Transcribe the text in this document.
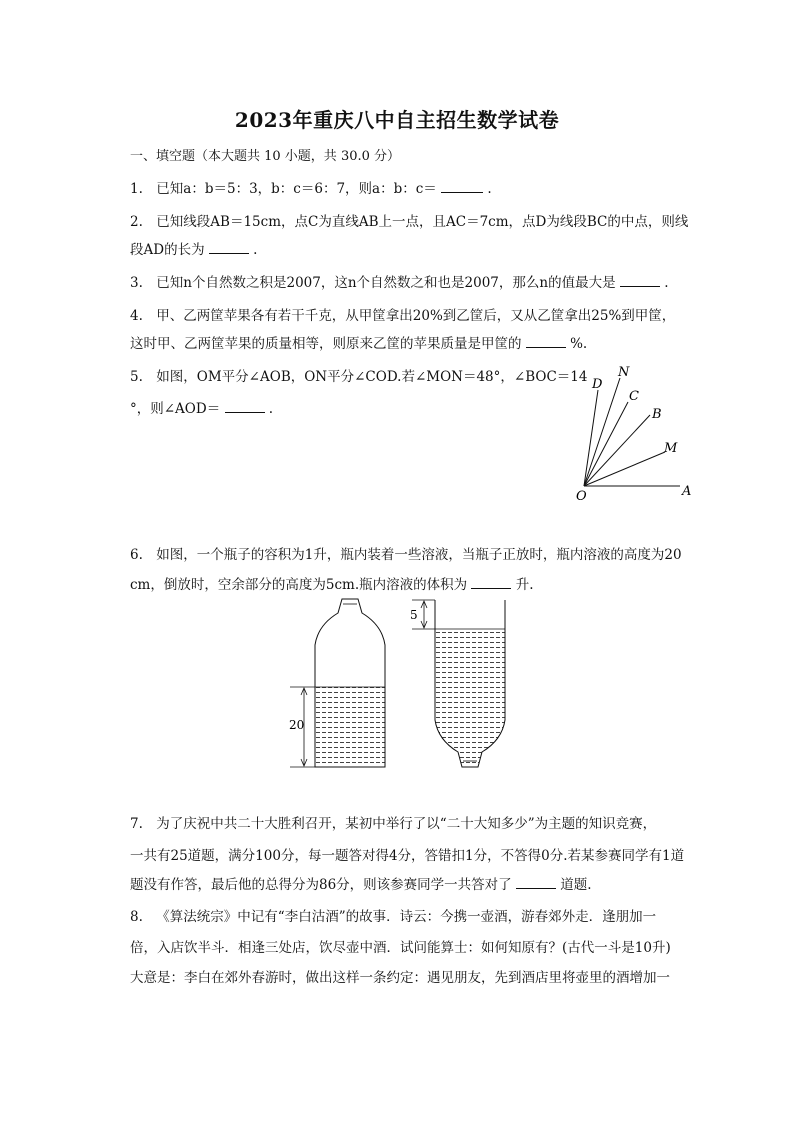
2023年重庆八中自主招生数学试卷
一、填空题（本大题共 10 小题，共 30.0 分）
1. 已知a：b＝5：3，b：c＝6：7，则a：b：c＝	.
2. 已知线段AB＝15cm，点C为直线AB上一点，且AC＝7cm，点D为线段BC的中点，则线
段AD的长为	.
3. 已知n个自然数之积是2007，这n个自然数之和也是2007，那么n的值最大是	.
4. 甲、乙两筐苹果各有若干千克，从甲筐拿出20%到乙筐后，又从乙筐拿出25%到甲筐，
这时甲、乙两筐苹果的质量相等，则原来乙筐的苹果质量是甲筐的	%.
5. 如图，OM平分∠AOB，ON平分∠COD.若∠MON＝48°，∠BOC＝14
°，则∠AOD＝	.
O	A
M
B
C
N
D
6. 如图，一个瓶子的容积为1升，瓶内装着一些溶液，当瓶子正放时，瓶内溶液的高度为20
cm，倒放时，空余部分的高度为5cm.瓶内溶液的体积为	升.
20
5
7. 为了庆祝中共二十大胜利召开，某初中举行了以“二十大知多少”为主题的知识竞赛，
一共有25道题，满分100分，每一题答对得4分，答错扣1分，不答得0分.若某参赛同学有1道
题没有作答，最后他的总得分为86分，则该参赛同学一共答对了	道题.
8. 《算法统宗》中记有“李白沽酒”的故事．诗云：今携一壶酒，游春郊外走．逢朋加一
倍，入店饮半斗．相逢三处店，饮尽壶中酒．试问能算士：如何知原有？(古代一斗是10升)
大意是：李白在郊外春游时，做出这样一条约定：遇见朋友，先到酒店里将壶里的酒增加一
